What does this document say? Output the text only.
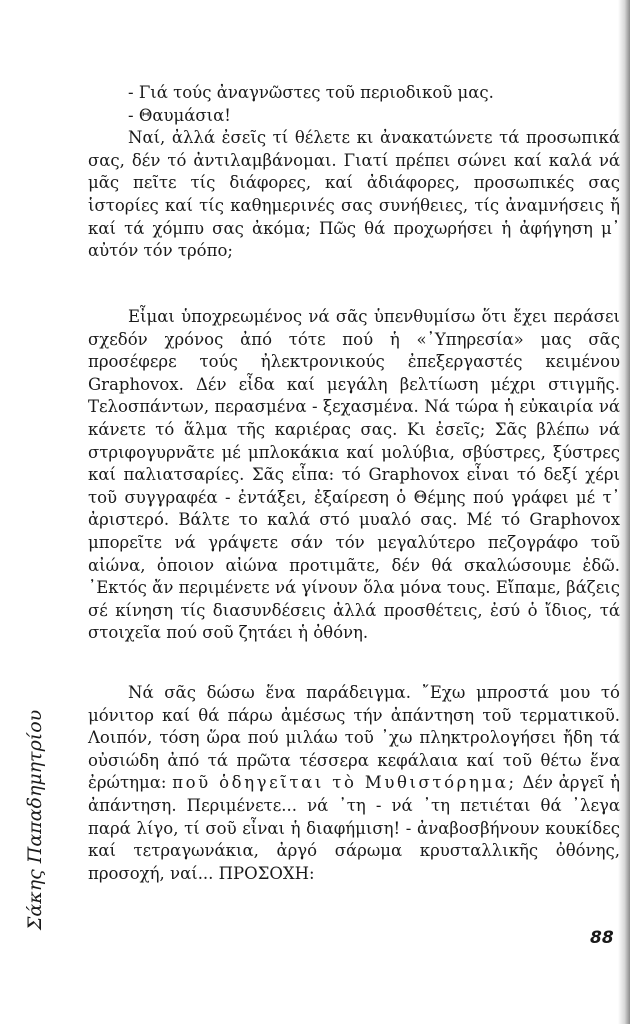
- Γιά τούς ἀναγνῶστες τοῦ περιοδικοῦ μας.

- Θαυμάσια!

Ναί, ἀλλά ἐσεῖς τί θέλετε κι ἀνακατώνετε τά προσωπικά σας, δέν τό ἀντιλαμβάνομαι. Γιατί πρέπει σώνει καί καλά νά μᾶς πεῖτε τίς διάφορες, καί ἀδιάφορες, προσωπικές σας ἱστορίες καί τίς καθημερινές σας συνήθειες, τίς ἀναμνήσεις ἤ καί τά χόμπυ σας ἀκόμα; Πῶς θά προχωρήσει ἡ ἀφήγηση μ᾽ αὐτόν τόν τρόπο;

Εἶμαι ὑποχρεωμένος νά σᾶς ὑπενθυμίσω ὅτι ἔχει περάσει σχεδόν χρόνος ἀπό τότε πού ἡ «᾽Υπηρεσία» μας σᾶς προσέφερε τούς ἠλεκτρονικούς ἐπεξεργαστές κειμένου Graphovox. Δέν εἶδα καί μεγάλη βελτίωση μέχρι στιγμῆς. Τελοσπάντων, περασμένα - ξεχασμένα. Νά τώρα ἡ εὐκαιρία νά κάνετε τό ἅλμα τῆς καριέρας σας. Κι ἐσεῖς; Σᾶς βλέπω νά στριφογυρνᾶτε μέ μπλοκάκια καί μολύβια, σβύστρες, ξύστρες καί παλιατσαρίες. Σᾶς εἶπα: τό Graphovox εἶναι τό δεξί χέρι τοῦ συγγραφέα - ἐντάξει, ἐξαίρεση ὁ Θέμης πού γράφει μέ τ᾽ ἀριστερό. Βάλτε το καλά στό μυαλό σας. Μέ τό Graphovox μπορεῖτε νά γράψετε σάν τόν μεγαλύτερο πεζογράφο τοῦ αἰώνα, ὁποιον αἰώνα προτιμᾶτε, δέν θά σκαλώσουμε ἐδῶ. ᾽Εκτός ἄν περιμένετε νά γίνουν ὅλα μόνα τους. Εἴπαμε, βάζεις σέ κίνηση τίς διασυνδέσεις ἀλλά προσθέτεις, ἐσύ ὁ ἴδιος, τά στοιχεῖα πού σοῦ ζητάει ἡ ὀθόνη.

Νά σᾶς δώσω ἕνα παράδειγμα. ῎Εχω μπροστά μου τό μόνιτορ καί θά πάρω ἀμέσως τήν ἀπάντηση τοῦ τερματικοῦ. Λοιπόν, τόση ὥρα πού μιλάω τοῦ ᾽χω πληκτρολογήσει ἤδη τά οὐσιώδη ἀπό τά πρῶτα τέσσερα κεφάλαια καί τοῦ θέτω ἕνα ἐρώτημα: ποῦ ὁδηγεῖται τὸ Μυθιστόρημα; Δέν ἀργεῖ ἡ ἀπάντηση. Περιμένετε... νά ᾽τη - νά ᾽τη πετιέται θά ᾽λεγα παρά λίγο, τί σοῦ εἶναι ἡ διαφήμιση! - ἀναβοσβήνουν κουκίδες καί τετραγωνάκια, ἀργό σάρωμα κρυσταλλικῆς ὀθόνης, προσοχή, ναί... ΠΡΟΣΟΧΗ:

Σάκης Παπαδημητρίου
88
